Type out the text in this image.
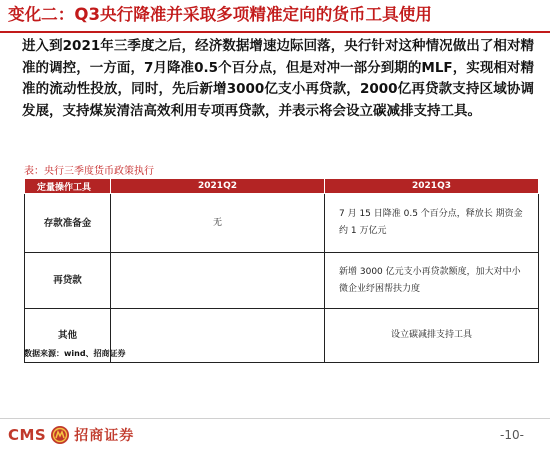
变化二：Q3央行降准并采取多项精准定向的货币工具使用
进入到2021年三季度之后，经济数据增速边际回落，央行针对这种情况做出了相对精准的调控，一方面，7月降准0.5个百分点，但是对冲一部分到期的MLF，实现相对精准的流动性投放，同时，先后新增3000亿支小再贷款，2000亿再贷款支持区域协调发展，支持煤炭清洁高效利用专项再贷款，并表示将会设立碳减排支持工具。
表：央行三季度货币政策执行
定量操作工具	2021Q2	2021Q3
存款准备金	无	7 月 15 日降准 0.5 个百分点，释放长 期资金约 1 万亿元
再贷款		新增 3000 亿元支小再贷款额度，加大对中小微企业纾困帮扶力度
其他		设立碳减排支持工具
数据来源：wind、招商证券
CMS 招商证券	-10-
